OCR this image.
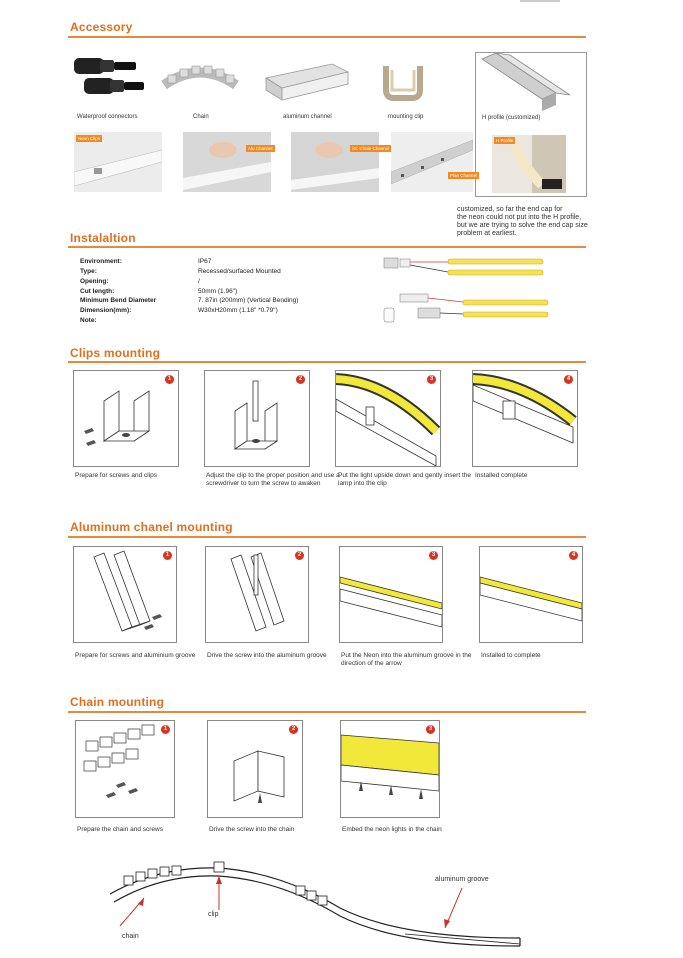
Accessory
Waterproof connectors	Chain	aluminum channel	mounting clip	H profile (customized)
H Profile
Neon Clips
Alu Channel	SC Chain Channel
Plan Channel
customized, so far the end cap for
the neon could not put into the H profile,
but we are trying to solve the end cap size
problem at earliest.
Instalaltion
Environment:	IP67
Type:	Recessed/surfaced Mounted
Opening:	/
Cut length:	50mm (1.96")
Minimum Bend Diameter	7. 87in (200mm) (Vertical Bending)
Dimension(mm):	W30xH20mm (1.18" *0.79")
Note:
Clips mounting
1
Prepare for screws and clips
2
Adjust the clip to the proper position and use a screwdriver to turn the screw to awaken
3
Put the light upside down and gently insert the lamp into the clip
4
Installed complete
Aluminum chanel mounting
1
Prepare for screws and aluminium groove
2
Drive the screw into the aluminum groove
3
Put the Neon into the aluminum groove in the direction of the arrow
4
Installed to complete
Chain mounting
1
Prepare the chain and screws
2
Drive the screw into the chain
3
Embed the neon lights in the chain
aluminum groove
clip
chain
